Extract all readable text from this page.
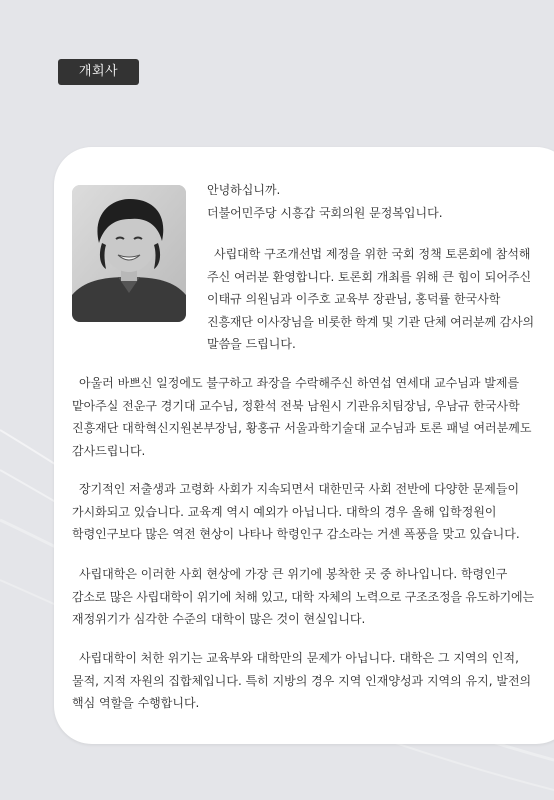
개회사
안녕하십니까.
더불어민주당 시흥갑 국회의원 문정복입니다.
사립대학 구조개선법 제정을 위한 국회 정책 토론회에 참석해
주신 여러분 환영합니다. 토론회 개최를 위해 큰 힘이 되어주신
이태규 의원님과 이주호 교육부 장관님, 홍덕률 한국사학
진흥재단 이사장님을 비롯한 학계 및 기관 단체 여러분께 감사의
말씀을 드립니다.
아울러 바쁘신 일정에도 불구하고 좌장을 수락해주신 하연섭 연세대 교수님과 발제를
맡아주실 전운구 경기대 교수님, 정환석 전북 남원시 기관유치팀장님, 우남규 한국사학
진흥재단 대학혁신지원본부장님, 황홍규 서울과학기술대 교수님과 토론 패널 여러분께도
감사드립니다.
장기적인 저출생과 고령화 사회가 지속되면서 대한민국 사회 전반에 다양한 문제들이
가시화되고 있습니다. 교육계 역시 예외가 아닙니다. 대학의 경우 올해 입학정원이
학령인구보다 많은 역전 현상이 나타나 학령인구 감소라는 거센 폭풍을 맞고 있습니다.
사립대학은 이러한 사회 현상에 가장 큰 위기에 봉착한 곳 중 하나입니다. 학령인구
감소로 많은 사립대학이 위기에 처해 있고, 대학 자체의 노력으로 구조조정을 유도하기에는
재정위기가 심각한 수준의 대학이 많은 것이 현실입니다.
사립대학이 처한 위기는 교육부와 대학만의 문제가 아닙니다. 대학은 그 지역의 인적,
물적, 지적 자원의 집합체입니다. 특히 지방의 경우 지역 인재양성과 지역의 유지, 발전의
핵심 역할을 수행합니다.
